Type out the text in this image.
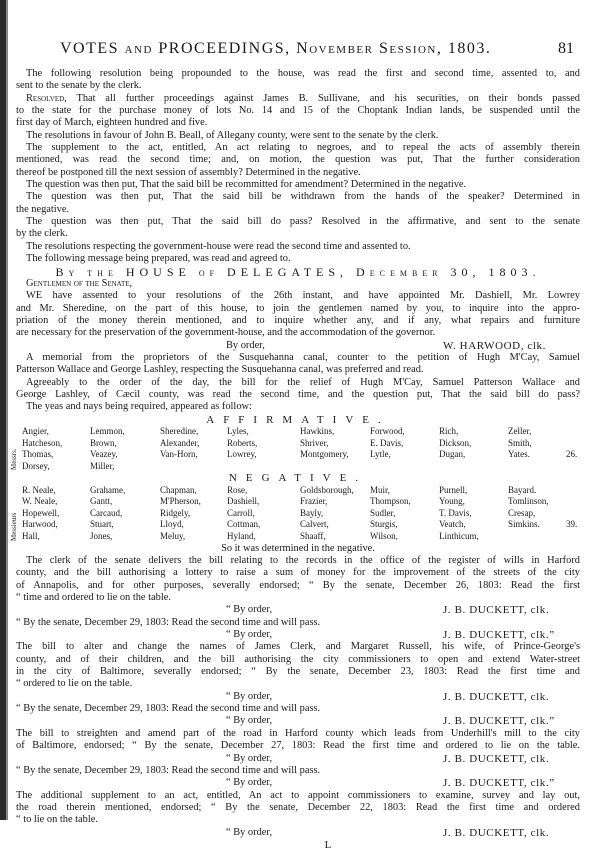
VOTES and PROCEEDINGS, November Session, 1803.	81
The following resolution being propounded to the house, was read the first and second time, assented to, and
sent to the senate by the clerk.
Resolved, That all further proceedings against James B. Sullivane, and his securities, on their bonds passed
to the state for the purchase money of lots No. 14 and 15 of the Choptank Indian lands, be suspended until the
first day of March, eighteen hundred and five.
The resolutions in favour of John B. Beall, of Allegany county, were sent to the senate by the clerk.
The supplement to the act, entitled, An act relating to negroes, and to repeal the acts of assembly therein
mentioned, was read the second time; and, on motion, the question was put, That the further consideration
thereof be postponed till the next session of assembly? Determined in the negative.
The question was then put, That the said bill be recommitted for amendment? Determined in the negative.
The question was then put, That the said bill be withdrawn from the hands of the speaker? Determined in
the negative.
The question was then put, That the said bill do pass? Resolved in the affirmative, and sent to the senate
by the clerk.
The resolutions respecting the government-house were read the second time and assented to.
The following message being prepared, was read and agreed to.
By the HOUSE of DELEGATES, December 30, 1803.
Gentlemen of the Senate,
WE have assented to your resolutions of the 26th instant, and have appointed Mr. Dashiell, Mr. Lowrey
and Mr. Sheredine, on the part of this house, to join the gentlemen named by you, to inquire into the appro-
priation of the money therein mentioned, and to inquire whether any, and if any, what repairs and furniture
are necessary for the preservation of the government-house, and the accommodation of the governor.
By order,	W. HARWOOD, clk.
A memorial from the proprietors of the Susquehanna canal, counter to the petition of Hugh M'Cay, Samuel
Patterson Wallace and George Lashley, respecting the Susquehanna canal, was preferred and read.
Agreeably to the order of the day, the bill for the relief of Hugh M'Cay, Samuel Patterson Wallace and
George Lashley, of Cæcil county, was read the second time, and the question put, That the said bill do pass?
The yeas and nays being required, appeared as follow:
AFFIRMATIVE.
Messrs.
Angier,	Lemmon,	Sheredine,	Lyles,	Hawkins,	Forwood,	Rich,	Zeller,
Hatcheson,	Brown,	Alexander,	Roberts,	Shriver,	E. Davis,	Dickson,	Smith,
Thomas,	Veazey,	Van-Horn,	Lowrey,	Montgomery,	Lytle,	Dugan,	Yates.	26.
Dorsey,	Miller,
NEGATIVE.
Messieurs
R. Neale,	Grahame,	Chapman,	Rose,	Goldsborough,	Muir,	Purnell,	Bayard.
W. Neale,	Gantt,	M'Pherson,	Dashiell,	Frazier,	Thompson,	Young,	Tomlinson,
Hopewell,	Carcaud,	Ridgely,	Carroll,	Bayly,	Sudler,	T. Davis,	Cresap,
Harwood,	Stuart,	Lloyd,	Cottman,	Calvert,	Sturgis,	Veatch,	Simkins.	39.
Hall,	Jones,	Meluy,	Hyland,	Shaaff,	Wilson,	Linthicum,
So it was determined in the negative.
The clerk of the senate delivers the bill relating to the records in the office of the register of wills in Harford
county, and the bill authorising a lottery to raise a sum of money for the improvement of the streets of the city
of Annapolis, and for other purposes, severally endorsed; “ By the senate, December 26, 1803: Read the first
“ time and ordered to lie on the table.
“ By order,	J. B. DUCKETT, clk.
“ By the senate, December 29, 1803: Read the second time and will pass.
“ By order,	J. B. DUCKETT, clk.”
The bill to alter and change the names of James Clerk, and Margaret Russell, his wife, of Prince-George's
county, and of their children, and the bill authorising the city commissioners to open and extend Water-street
in the city of Baltimore, severally endorsed; “ By the senate, December 23, 1803: Read the first time and
“ ordered to lie on the table.
“ By order,	J. B. DUCKETT, clk.
“ By the senate, December 29, 1803: Read the second time and will pass.
“ By order,	J. B. DUCKETT, clk.”
The bill to streighten and amend part of the road in Harford county which leads from Underhill's mill to the city
of Baltimore, endorsed; “ By the senate, December 27, 1803: Read the first time and ordered to lie on the table.
“ By order,	J. B. DUCKETT, clk.
“ By the senate, December 29, 1803: Read the second time and will pass.
“ By order,	J. B. DUCKETT, clk.”
The additional supplement to an act, entitled, An act to appoint commissioners to examine, survey and lay out,
the road therein mentioned, endorsed; “ By the senate, December 22, 1803: Read the first time and ordered
“ to lie on the table.
“ By order,	J. B. DUCKETT, clk.
L
